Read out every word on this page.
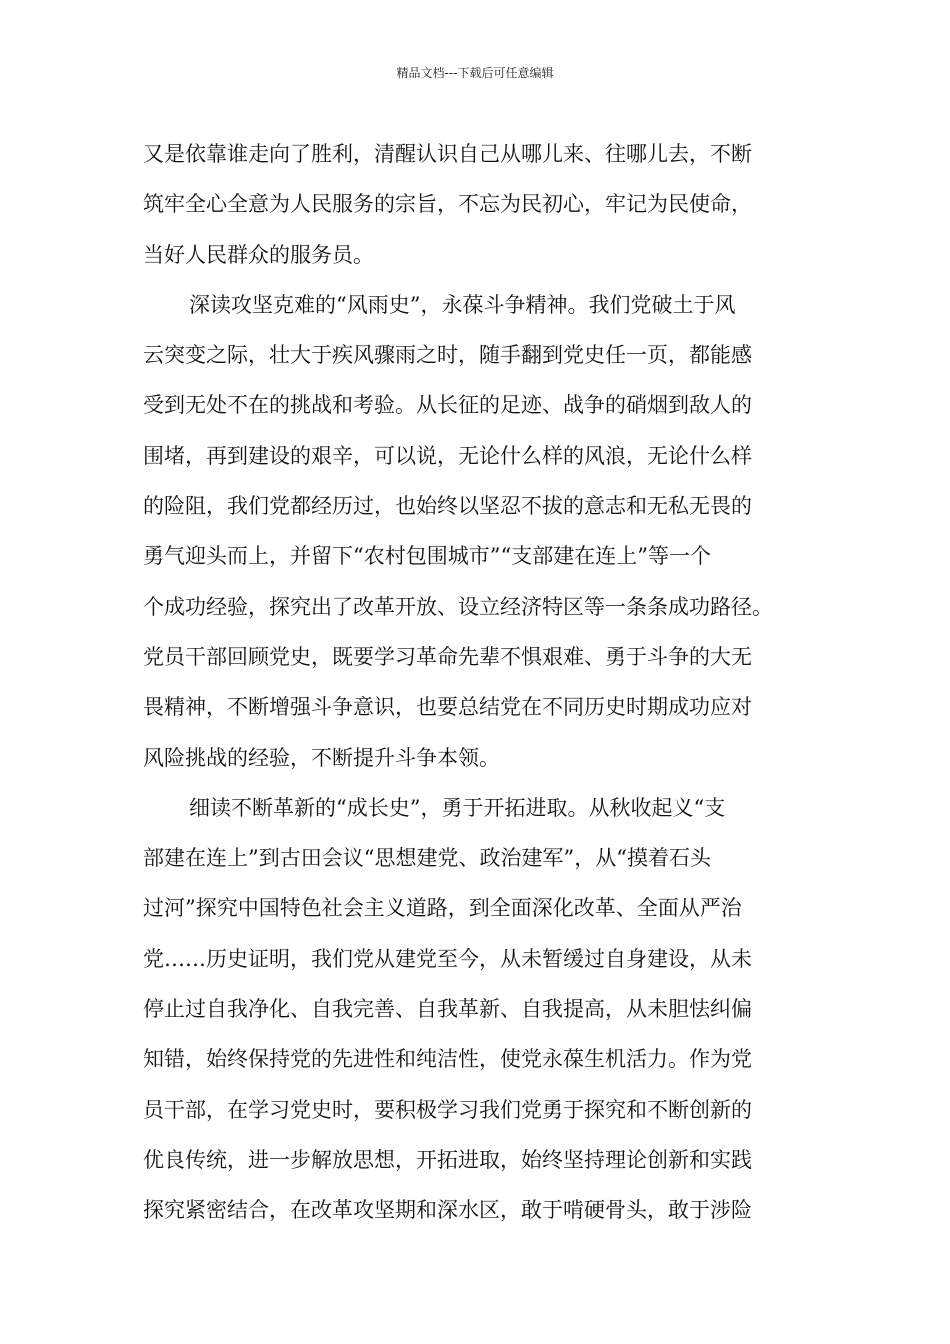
精品文档---下载后可任意编辑
又是依靠谁走向了胜利，清醒认识自己从哪儿来、往哪儿去，不断
筑牢全心全意为人民服务的宗旨，不忘为民初心，牢记为民使命，
当好人民群众的服务员。
深读攻坚克难的“风雨史”，永葆斗争精神。我们党破土于风
云突变之际，壮大于疾风骤雨之时，随手翻到党史任一页，都能感
受到无处不在的挑战和考验。从长征的足迹、战争的硝烟到敌人的
围堵，再到建设的艰辛，可以说，无论什么样的风浪，无论什么样
的险阻，我们党都经历过，也始终以坚忍不拔的意志和无私无畏的
勇气迎头而上，并留下“农村包围城市”“支部建在连上”等一个
个成功经验，探究出了改革开放、设立经济特区等一条条成功路径。
党员干部回顾党史，既要学习革命先辈不惧艰难、勇于斗争的大无
畏精神，不断增强斗争意识，也要总结党在不同历史时期成功应对
风险挑战的经验，不断提升斗争本领。
细读不断革新的“成长史”，勇于开拓进取。从秋收起义“支
部建在连上”到古田会议“思想建党、政治建军”，从“摸着石头
过河”探究中国特色社会主义道路，到全面深化改革、全面从严治
党……历史证明，我们党从建党至今，从未暂缓过自身建设，从未
停止过自我净化、自我完善、自我革新、自我提高，从未胆怯纠偏
知错，始终保持党的先进性和纯洁性，使党永葆生机活力。作为党
员干部，在学习党史时，要积极学习我们党勇于探究和不断创新的
优良传统，进一步解放思想，开拓进取，始终坚持理论创新和实践
探究紧密结合，在改革攻坚期和深水区，敢于啃硬骨头，敢于涉险
